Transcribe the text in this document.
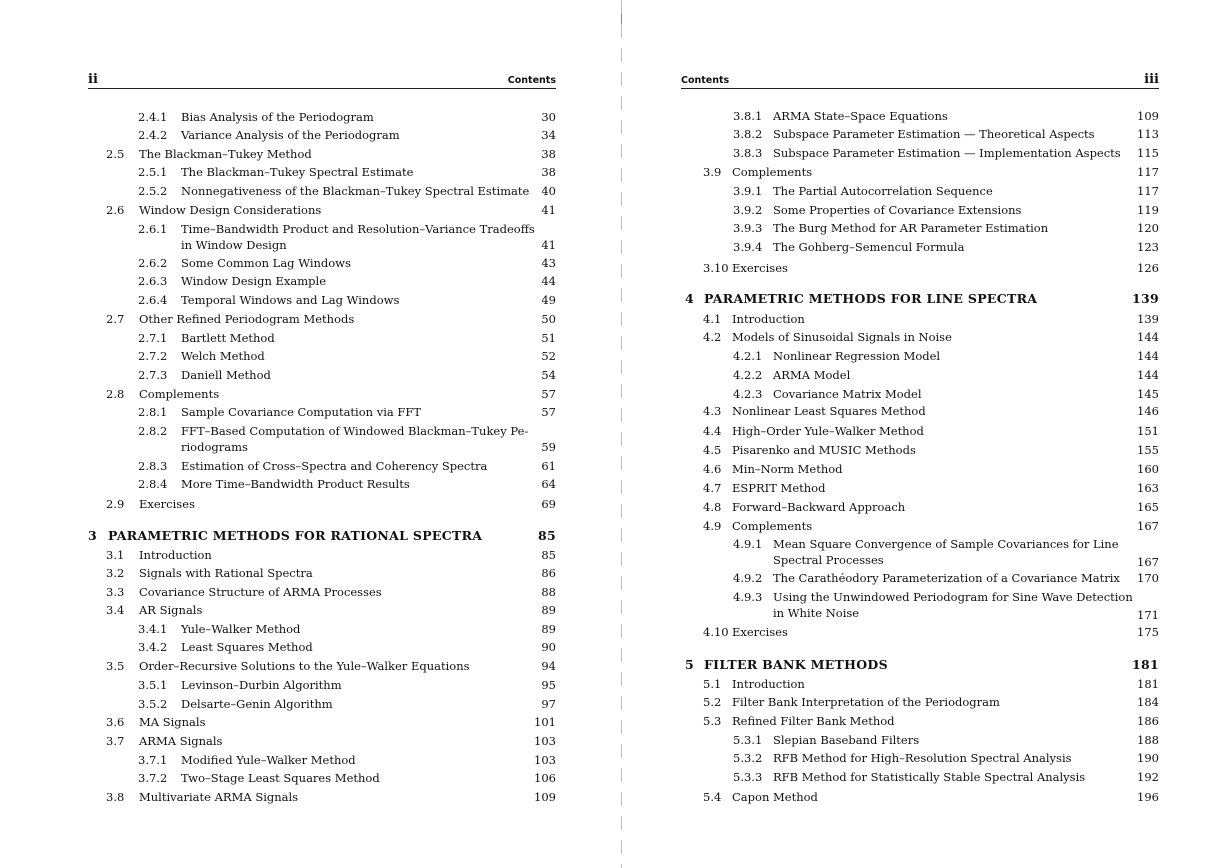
ii	Contents
2.4.1 Bias Analysis of the Periodogram	30
2.4.2 Variance Analysis of the Periodogram	34
2.5 The Blackman–Tukey Method	38
2.5.1 The Blackman–Tukey Spectral Estimate	38
2.5.2 Nonnegativeness of the Blackman–Tukey Spectral Estimate 40
2.6 Window Design Considerations	41
2.6.1 Time–Bandwidth Product and Resolution–Variance Tradeoffs
in Window Design	41
2.6.2 Some Common Lag Windows	43
2.6.3 Window Design Example	44
2.6.4 Temporal Windows and Lag Windows	49
2.7 Other Refined Periodogram Methods	50
2.7.1 Bartlett Method	51
2.7.2 Welch Method	52
2.7.3 Daniell Method	54
2.8 Complements	57
2.8.1 Sample Covariance Computation via FFT	57
2.8.2 FFT–Based Computation of Windowed Blackman–Tukey Pe-
riodograms	59
2.8.3 Estimation of Cross–Spectra and Coherency Spectra	61
2.8.4 More Time–Bandwidth Product Results	64
2.9 Exercises	69
3 PARAMETRIC METHODS FOR RATIONAL SPECTRA	85
3.1 Introduction	85
3.2 Signals with Rational Spectra	86
3.3 Covariance Structure of ARMA Processes	88
3.4 AR Signals	89
3.4.1 Yule–Walker Method	89
3.4.2 Least Squares Method	90
3.5 Order–Recursive Solutions to the Yule–Walker Equations	94
3.5.1 Levinson–Durbin Algorithm	95
3.5.2 Delsarte–Genin Algorithm	97
3.6 MA Signals	101
3.7 ARMA Signals	103
3.7.1 Modified Yule–Walker Method	103
3.7.2 Two–Stage Least Squares Method	106
3.8 Multivariate ARMA Signals	109
iii
Contents
3.8.1 ARMA State–Space Equations	109
3.8.2 Subspace Parameter Estimation — Theoretical Aspects	113
3.8.3 Subspace Parameter Estimation — Implementation Aspects 115
3.9 Complements	117
3.9.1 The Partial Autocorrelation Sequence	117
3.9.2 Some Properties of Covariance Extensions	119
3.9.3 The Burg Method for AR Parameter Estimation	120
3.9.4 The Gohberg–Semencul Formula	123
3.10 Exercises	126
4 PARAMETRIC METHODS FOR LINE SPECTRA	139
4.1 Introduction	139
4.2 Models of Sinusoidal Signals in Noise	144
4.2.1 Nonlinear Regression Model	144
4.2.2 ARMA Model	144
4.2.3 Covariance Matrix Model	145
4.3 Nonlinear Least Squares Method	146
4.4 High–Order Yule–Walker Method	151
4.5 Pisarenko and MUSIC Methods	155
4.6 Min–Norm Method	160
4.7 ESPRIT Method	163
4.8 Forward–Backward Approach	165
4.9 Complements	167
4.9.1 Mean Square Convergence of Sample Covariances for Line
Spectral Processes	167
4.9.2 The Carathéodory Parameterization of a Covariance Matrix 170
4.9.3 Using the Unwindowed Periodogram for Sine Wave Detection
in White Noise	171
4.10 Exercises	175
5 FILTER BANK METHODS	181
5.1 Introduction	181
5.2 Filter Bank Interpretation of the Periodogram	184
5.3 Refined Filter Bank Method	186
5.3.1 Slepian Baseband Filters	188
5.3.2 RFB Method for High–Resolution Spectral Analysis	190
5.3.3 RFB Method for Statistically Stable Spectral Analysis	192
5.4 Capon Method	196
